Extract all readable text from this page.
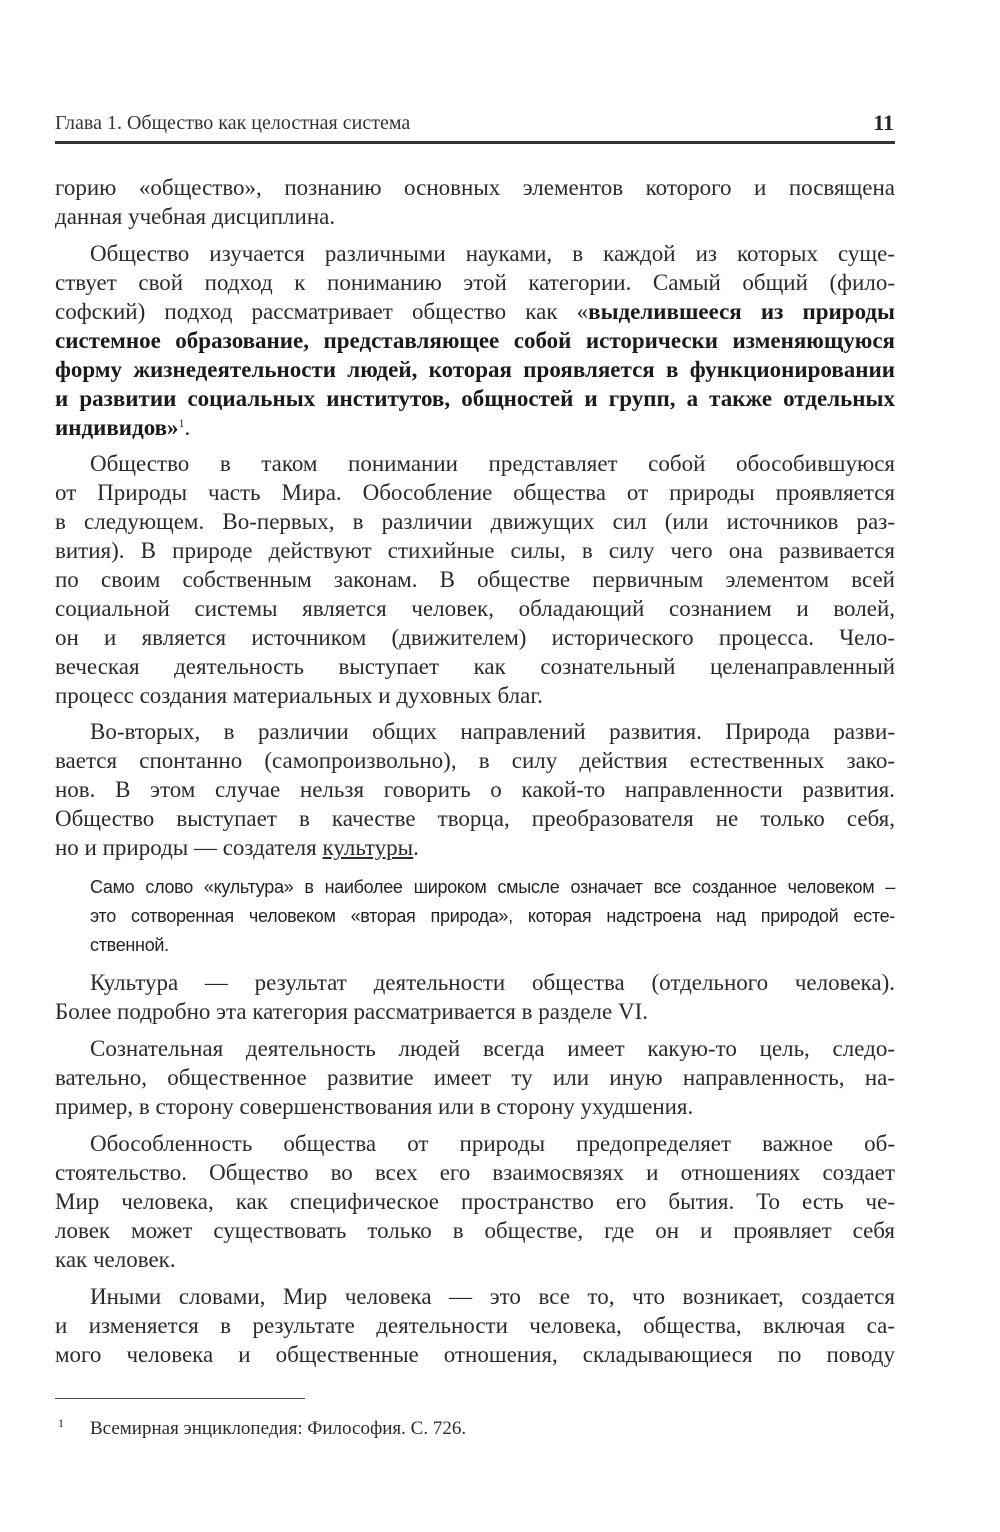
Глава 1. Общество как целостная система	11
горию «общество», познанию основных элементов которого и посвящена
данная учебная дисциплина.
Общество изучается различными науками, в каждой из которых суще-
ствует свой подход к пониманию этой категории. Самый общий (фило-
софский) подход рассматривает общество как «выделившееся из природы
системное образование, представляющее собой исторически изменяющуюся
форму жизнедеятельности людей, которая проявляется в функционировании
и развитии социальных институтов, общностей и групп, а также отдельных
индивидов»$^1$.
Общество в таком понимании представляет собой обособившуюся
от Природы часть Мира. Обособление общества от природы проявляется
в следующем. Во-первых, в различии движущих сил (или источников раз-
вития). В природе действуют стихийные силы, в силу чего она развивается
по своим собственным законам. В обществе первичным элементом всей
социальной системы является человек, обладающий сознанием и волей,
он и является источником (движителем) исторического процесса. Чело-
веческая деятельность выступает как сознательный целенаправленный
процесс создания материальных и духовных благ.
Во-вторых, в различии общих направлений развития. Природа разви-
вается спонтанно (самопроизвольно), в силу действия естественных зако-
нов. В этом случае нельзя говорить о какой-то направленности развития.
Общество выступает в качестве творца, преобразователя не только себя,
но и природы — создателя культуры.
Культура — результат деятельности общества (отдельного человека).
Более подробно эта категория рассматривается в разделе VI.
Сознательная деятельность людей всегда имеет какую-то цель, следо-
вательно, общественное развитие имеет ту или иную направленность, на-
пример, в сторону совершенствования или в сторону ухудшения.
Обособленность общества от природы предопределяет важное об-
стоятельство. Общество во всех его взаимосвязях и отношениях создает
Мир человека, как специфическое пространство его бытия. То есть че-
ловек может существовать только в обществе, где он и проявляет себя
как человек.
Иными словами, Мир человека — это все то, что возникает, создается
и изменяется в результате деятельности человека, общества, включая са-
мого человека и общественные отношения, складывающиеся по поводу
Само слово «культура» в наиболее широком смысле означает все созданное человеком –
это сотворенная человеком «вторая природа», которая надстроена над природой есте-
ственной.
1 Всемирная энциклопедия: Философия. С. 726.
